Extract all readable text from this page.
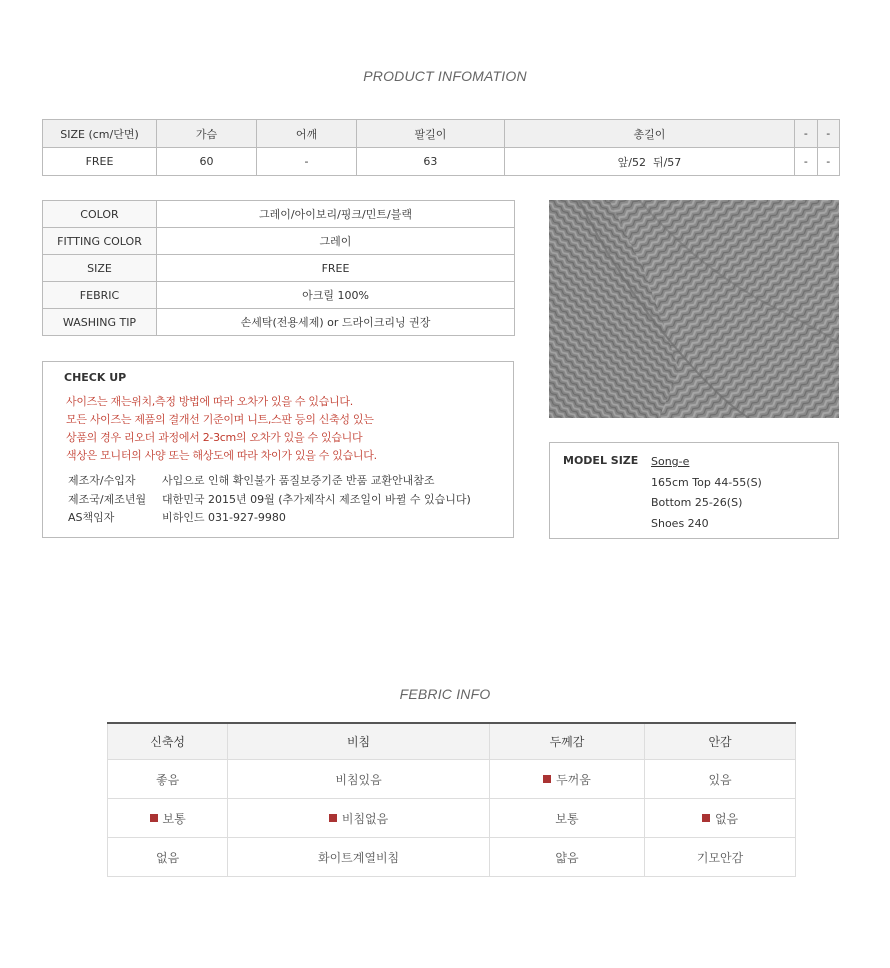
PRODUCT INFOMATION
SIZE (cm/단면)	가슴	어깨	팔길이	총길이	-	-
FREE	60	-	63	앞/52  뒤/57	-	-
COLOR	그레이/아이보리/핑크/민트/블랙
FITTING COLOR	그레이
SIZE	FREE
FEBRIC	아크릴 100%
WASHING TIP	손세탁(전용세제) or 드라이크리닝 권장
CHECK UP
사이즈는 재는위치,측정 방법에 따라 오차가 있을 수 있습니다.
모든 사이즈는 제품의 결개선 기준이며 니트,스판 등의 신축성 있는
상품의 경우 리오더 과정에서 2-3cm의 오차가 있을 수 있습니다
색상은 모니터의 사양 또는 해상도에 따라 차이가 있을 수 있습니다.
제조자/수입자	사입으로 인해 확인불가 품질보증기준 반품 교환안내참조
제조국/제조년월	대한민국 2015년 09월 (추가제작시 제조일이 바뀔 수 있습니다)
AS책임자	비하인드 031-927-9980
MODEL SIZE Song-e
165cm Top 44-55(S)
Bottom 25-26(S)
Shoes 240
FEBRIC INFO
신축성	비침	두께감	안감
좋음	비침있음	두꺼움	있음
보통	비침없음	보통	없음
없음	화이트계열비침	얇음	기모안감
